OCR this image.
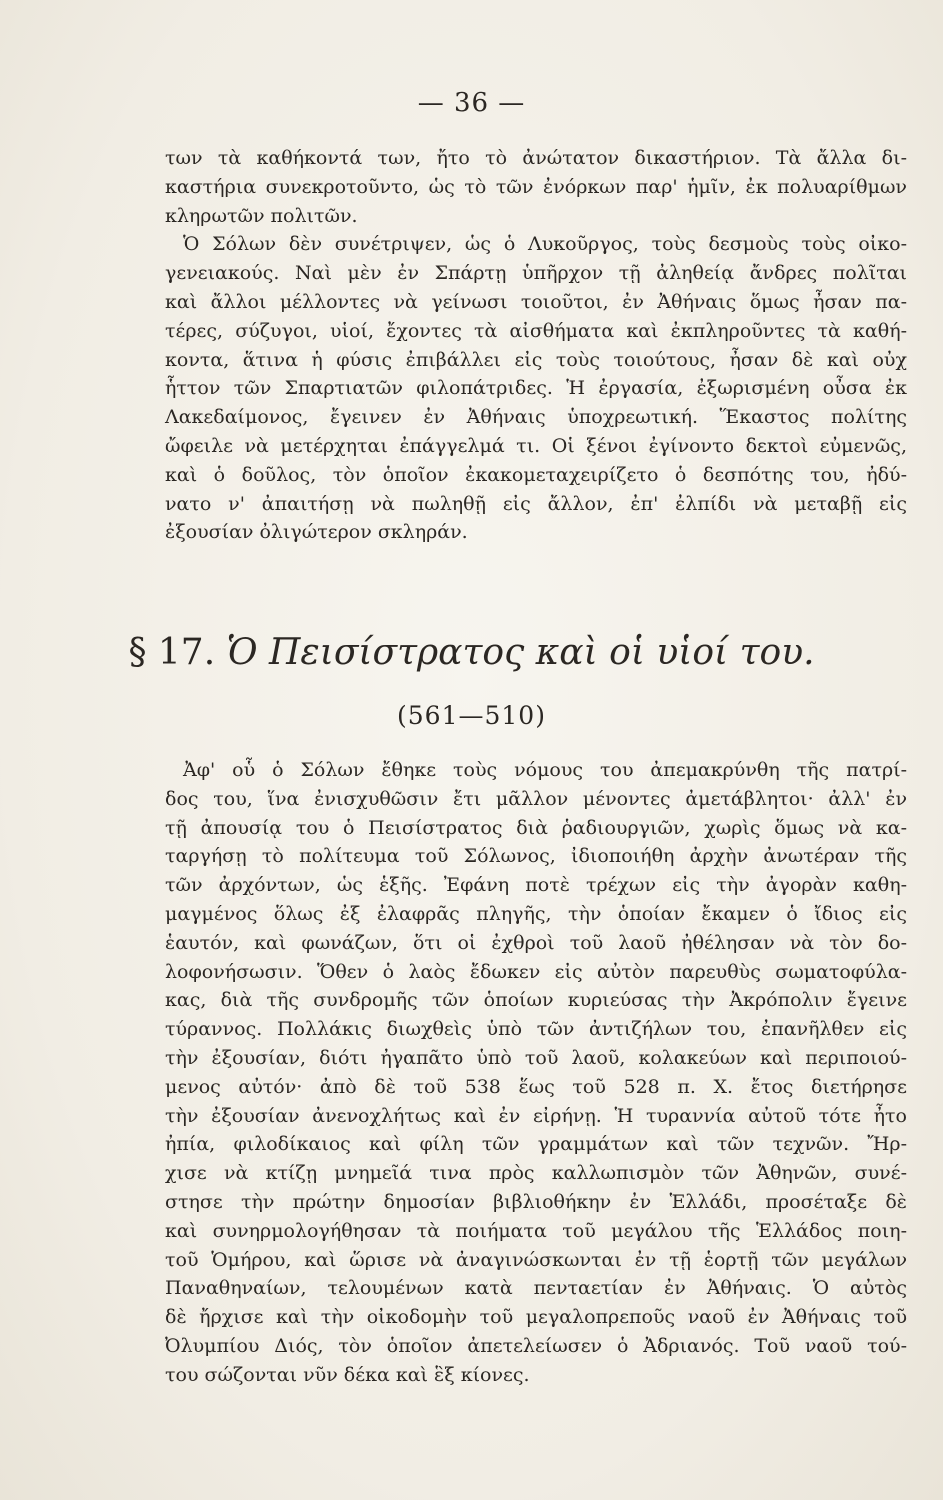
— 36 —
των τὰ καθήκοντά των, ἤτο τὸ ἀνώτατον δικαστήριον. Τὰ ἄλλα δι-
καστήρια συνεκροτοῦντο, ὡς τὸ τῶν ἐνόρκων παρ' ἡμῖν, ἐκ πολυαρίθμων
κληρωτῶν πολιτῶν.
Ὁ Σόλων δὲν συνέτριψεν, ὡς ὁ Λυκοῦργος, τοὺς δεσμοὺς τοὺς οἰκο-
γενειακούς. Ναὶ μὲν ἐν Σπάρτῃ ὑπῆρχον τῇ ἀληθείᾳ ἄνδρες πολῖται
καὶ ἄλλοι μέλλοντες νὰ γείνωσι τοιοῦτοι, ἐν Ἀθήναις ὅμως ἦσαν πα-
τέρες, σύζυγοι, υἱοί, ἔχοντες τὰ αἰσθήματα καὶ ἐκπληροῦντες τὰ καθή-
κοντα, ἅτινα ἡ φύσις ἐπιβάλλει εἰς τοὺς τοιούτους, ἦσαν δὲ καὶ οὐχ
ἧττον τῶν Σπαρτιατῶν φιλοπάτριδες. Ἡ ἐργασία, ἐξωρισμένη οὖσα ἐκ
Λακεδαίμονος, ἔγεινεν ἐν Ἀθήναις ὑποχρεωτική. Ἕκαστος πολίτης
ὤφειλε νὰ μετέρχηται ἐπάγγελμά τι. Οἱ ξένοι ἐγίνοντο δεκτοὶ εὐμενῶς,
καὶ ὁ δοῦλος, τὸν ὁποῖον ἐκακομεταχειρίζετο ὁ δεσπότης του, ἠδύ-
νατο ν' ἀπαιτήσῃ νὰ πωληθῇ εἰς ἄλλον, ἐπ' ἐλπίδι νὰ μεταβῇ εἰς
ἐξουσίαν ὀλιγώτερον σκληράν.
§ 17. Ὁ Πεισίστρατος καὶ οἱ υἱοί του.
(561—510)
Ἀφ' οὗ ὁ Σόλων ἔθηκε τοὺς νόμους του ἀπεμακρύνθη τῆς πατρί-
δος του, ἵνα ἐνισχυθῶσιν ἔτι μᾶλλον μένοντες ἀμετάβλητοι· ἀλλ' ἐν
τῇ ἀπουσίᾳ του ὁ Πεισίστρατος διὰ ῥαδιουργιῶν, χωρὶς ὅμως νὰ κα-
ταργήσῃ τὸ πολίτευμα τοῦ Σόλωνος, ἰδιοποιήθη ἀρχὴν ἀνωτέραν τῆς
τῶν ἀρχόντων, ὡς ἑξῆς. Ἐφάνη ποτὲ τρέχων εἰς τὴν ἀγορὰν καθη-
μαγμένος ὅλως ἐξ ἐλαφρᾶς πληγῆς, τὴν ὁποίαν ἔκαμεν ὁ ἴδιος εἰς
ἑαυτόν, καὶ φωνάζων, ὅτι οἱ ἐχθροὶ τοῦ λαοῦ ἠθέλησαν νὰ τὸν δο-
λοφονήσωσιν. Ὅθεν ὁ λαὸς ἔδωκεν εἰς αὐτὸν παρευθὺς σωματοφύλα-
κας, διὰ τῆς συνδρομῆς τῶν ὁποίων κυριεύσας τὴν Ἀκρόπολιν ἔγεινε
τύραννος. Πολλάκις διωχθεὶς ὑπὸ τῶν ἀντιζήλων του, ἐπανῆλθεν εἰς
τὴν ἐξουσίαν, διότι ἠγαπᾶτο ὑπὸ τοῦ λαοῦ, κολακεύων καὶ περιποιού-
μενος αὐτόν· ἀπὸ δὲ τοῦ 538 ἕως τοῦ 528 π. Χ. ἔτος διετήρησε
τὴν ἐξουσίαν ἀνενοχλήτως καὶ ἐν εἰρήνῃ. Ἡ τυραννία αὐτοῦ τότε ἦτο
ἠπία, φιλοδίκαιος καὶ φίλη τῶν γραμμάτων καὶ τῶν τεχνῶν. Ἤρ-
χισε νὰ κτίζῃ μνημεῖά τινα πρὸς καλλωπισμὸν τῶν Ἀθηνῶν, συνέ-
στησε τὴν πρώτην δημοσίαν βιβλιοθήκην ἐν Ἑλλάδι, προσέταξε δὲ
καὶ συνηρμολογήθησαν τὰ ποιήματα τοῦ μεγάλου τῆς Ἑλλάδος ποιη-
τοῦ Ὁμήρου, καὶ ὥρισε νὰ ἀναγινώσκωνται ἐν τῇ ἑορτῇ τῶν μεγάλων
Παναθηναίων, τελουμένων κατὰ πενταετίαν ἐν Ἀθήναις. Ὁ αὐτὸς
δὲ ἤρχισε καὶ τὴν οἰκοδομὴν τοῦ μεγαλοπρεποῦς ναοῦ ἐν Ἀθήναις τοῦ
Ὀλυμπίου Διός, τὸν ὁποῖον ἀπετελείωσεν ὁ Ἀδριανός. Τοῦ ναοῦ τού-
του σώζονται νῦν δέκα καὶ ἓξ κίονες.
